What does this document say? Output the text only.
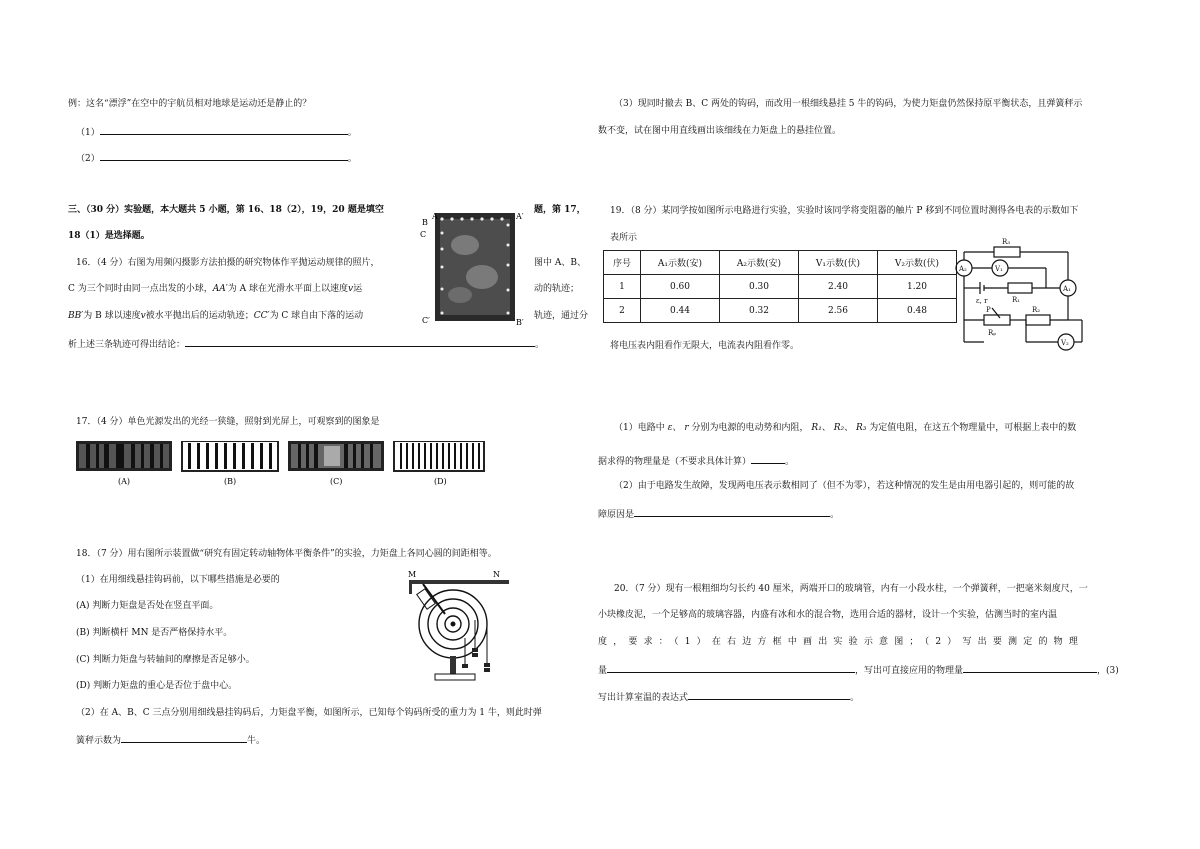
例：这名“漂浮”在空中的宇航员相对地球是运动还是静止的？
（1）	。
（2）	。
三、（30 分）实验题，本大题共 5 小题，第 16、18（2），19，20 题是填空	题，第 17，
18（1）是选择题。
16．（4 分）右图为用频闪摄影方法拍摄的研究物体作平抛运动规律的照片，	图中 A、B、
C 为三个同时由同一点出发的小球，AA′为 A 球在光滑水平面上以速度v运	动的轨迹；
BB′为 B 球以速度v被水平抛出后的运动轨迹；CC′为 C 球自由下落的运动	轨迹，通过分
析上述三条轨迹可得出结论：	。
B
A	A′
C
C′	B′
17．（4 分）单色光源发出的光经一狭缝，照射到光屏上，可观察到的图象是
(A)	(B)	(C)	(D)
18．（7 分）用右图所示装置做“研究有固定转动轴物体平衡条件”的实验，力矩盘上各同心圆的间距相等。
（1）在用细线悬挂钩码前，以下哪些措施是必要的
(A) 判断力矩盘是否处在竖直平面。
(B) 判断横杆 MN 是否严格保持水平。
(C) 判断力矩盘与转轴间的摩擦是否足够小。
(D) 判断力矩盘的重心是否位于盘中心。
（2）在 A、B、C 三点分别用细线悬挂钩码后，力矩盘平衡，如图所示，已知每个钩码所受的重力为 1 牛，则此时弹
簧秤示数为	牛。
M	N
（3）现同时撤去 B、C 两处的钩码，而改用一根细线悬挂 5 牛的钩码，为使力矩盘仍然保持原平衡状态，且弹簧秤示
数不变，试在图中用直线画出该细线在力矩盘上的悬挂位置。
19．（8 分）某同学按如图所示电路进行实验，实验时该同学将变阻器的触片 P 移到不同位置时测得各电表的示数如下
表所示
序号	A₁示数(安)	A₂示数(安)	V₁示数(伏)	V₂示数(伏)
1	0.60	0.30	2.40	1.20
2	0.44	0.32	2.56	0.48
将电压表内阻看作无限大，电流表内阻看作零。
R₃
A₂	V₁
A₁
ε, r	R₁
P	R₂
Rₚ
V₂
（1）电路中 ε、 r 分别为电源的电动势和内阻， R₁、 R₂、 R₃ 为定值电阻，在这五个物理量中，可根据上表中的数
据求得的物理量是（不要求具体计算）	。
（2）由于电路发生故障，发现两电压表示数相同了（但不为零），若这种情况的发生是由用电器引起的，则可能的故
障原因是	。
20．（7 分）现有一根粗细均匀长约 40 厘米，两端开口的玻璃管，内有一小段水柱，一个弹簧秤，一把毫米刻度尺，一
小块橡皮泥，一个足够高的玻璃容器，内盛有冰和水的混合物，选用合适的器材，设计一个实验，估测当时的室内温
度，要求：（1）在右边方框中画出实验示意图；（2）写出要测定的物理
量	，写出可直接应用的物理量	，(3)
写出计算室温的表达式	。
